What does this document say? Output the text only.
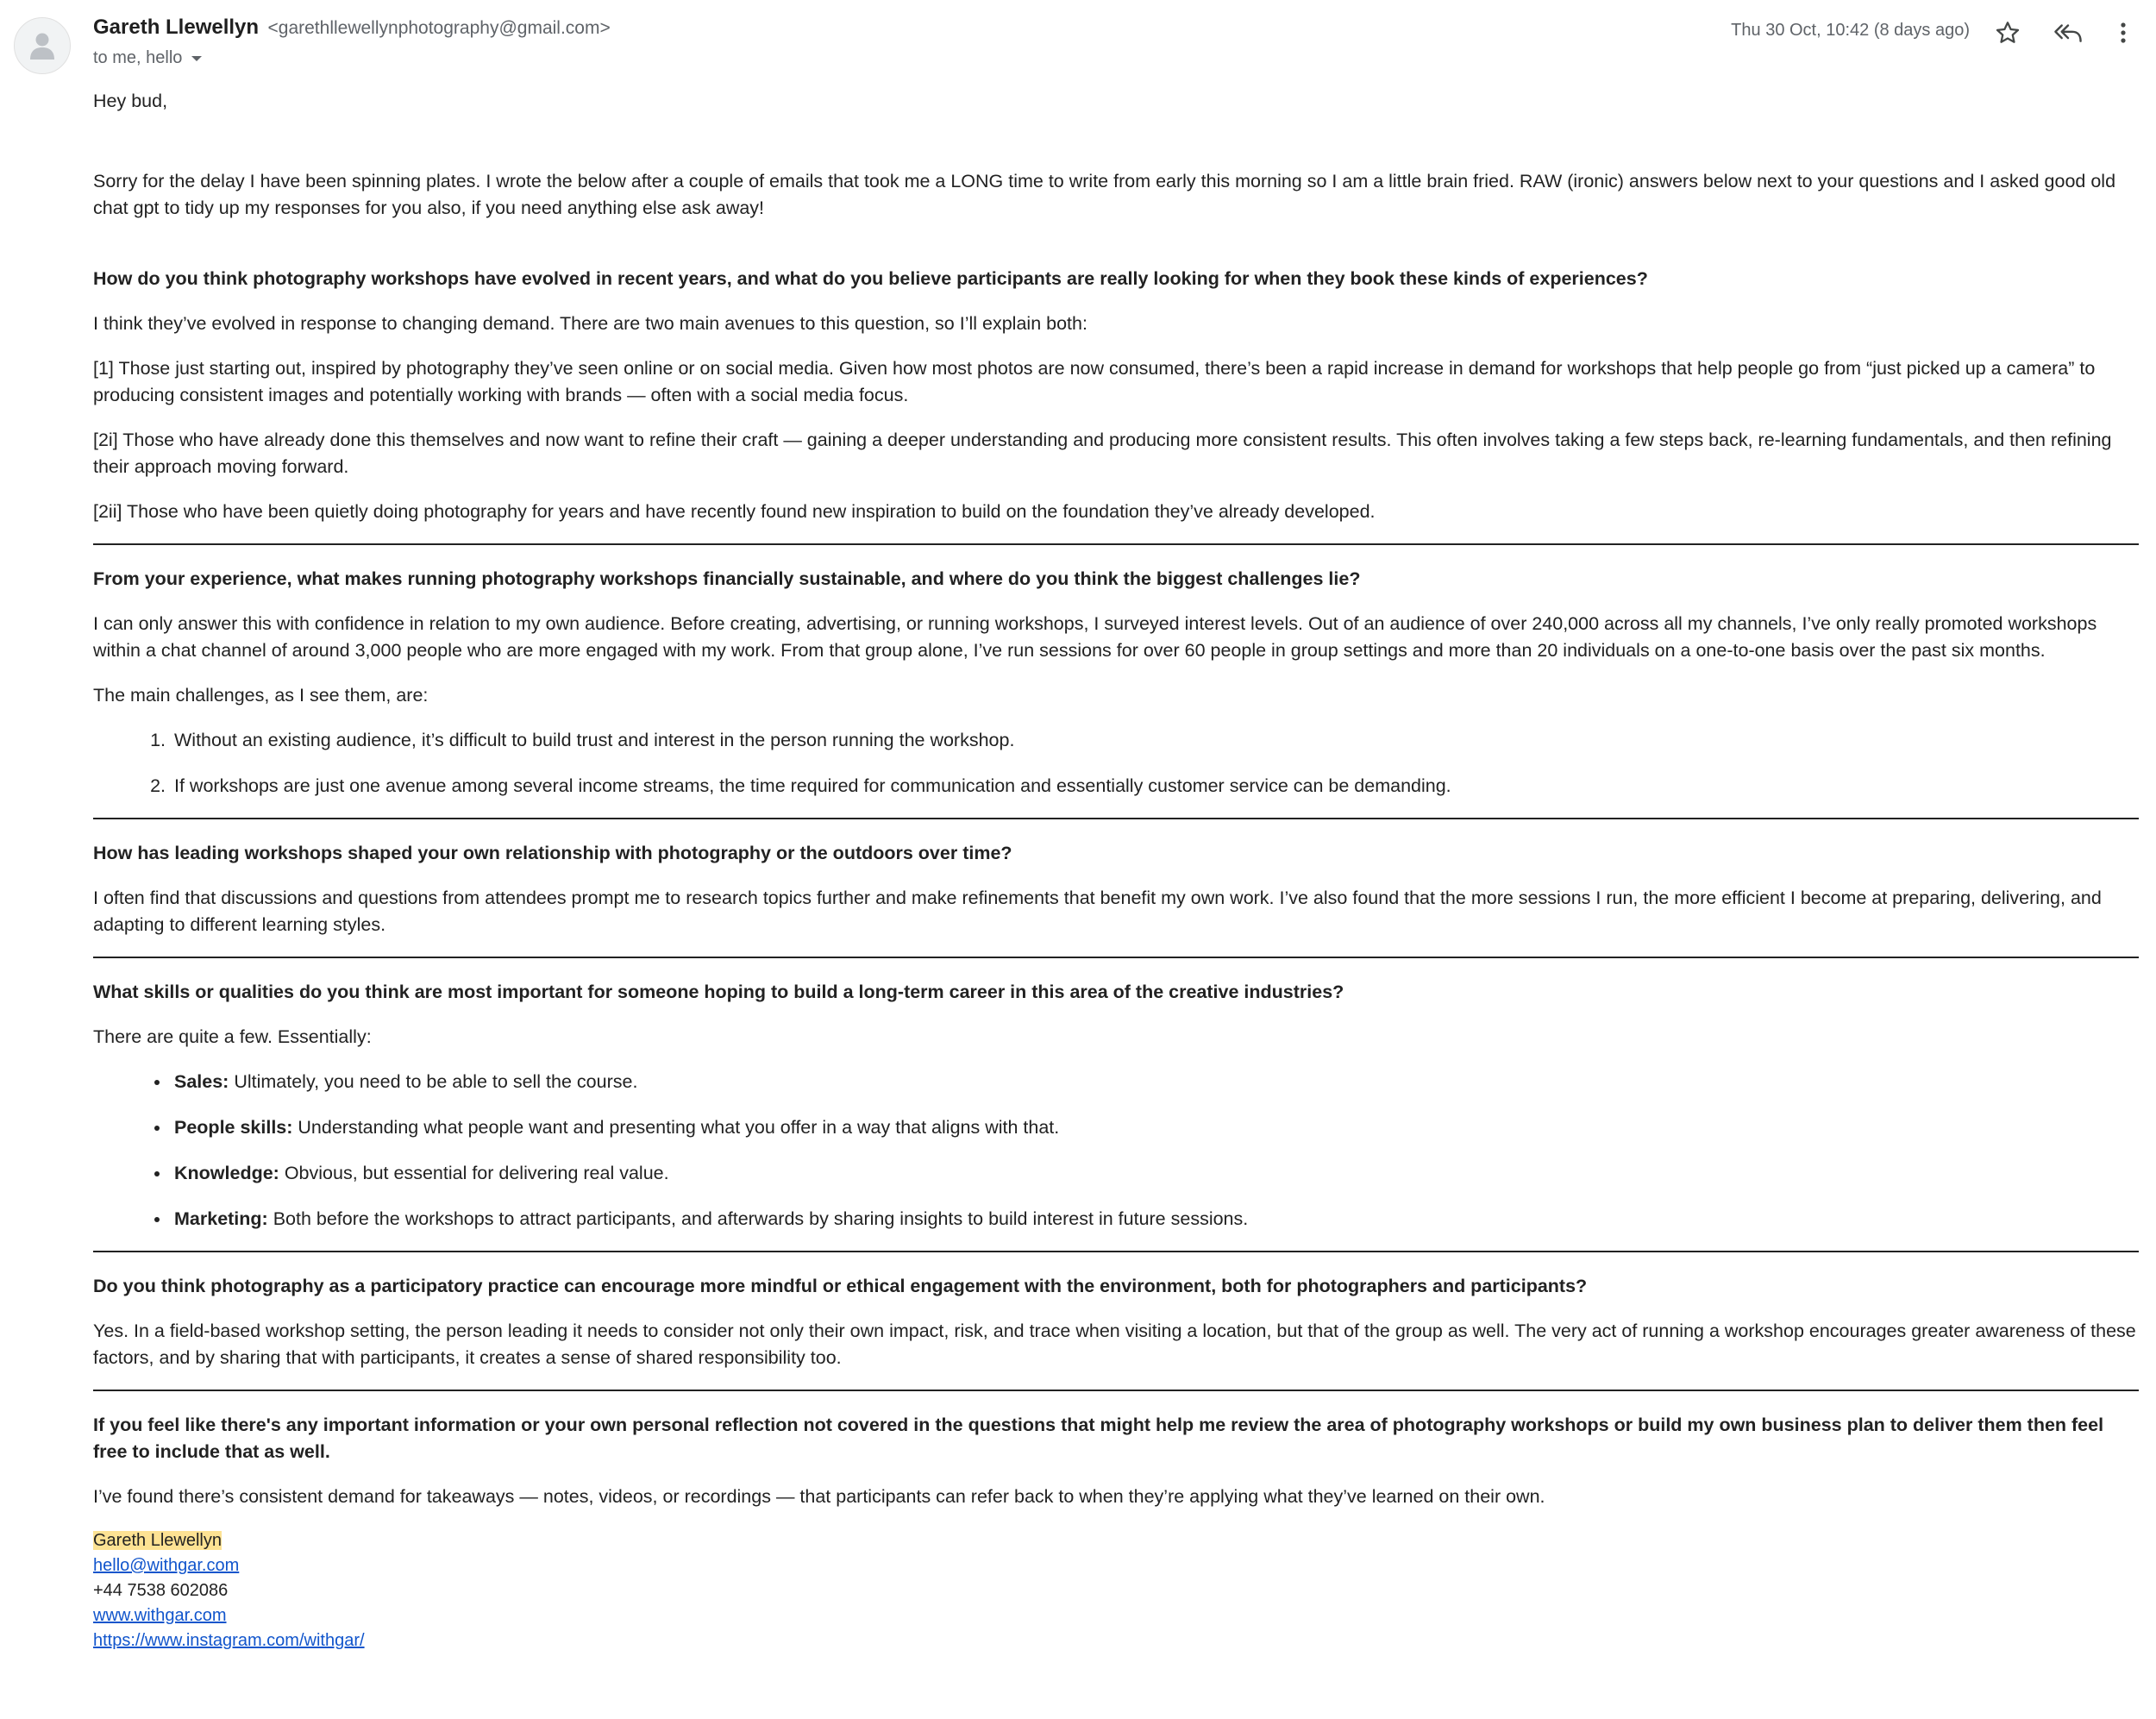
Gareth Llewellyn <garethllewellynphotography@gmail.com>
to me, hello
Thu 30 Oct, 10:42 (8 days ago)

Hey bud,

Sorry for the delay I have been spinning plates. I wrote the below after a couple of emails that took me a LONG time to write from early this morning so I am a little brain fried. RAW (ironic) answers below next to your questions and I asked good old chat gpt to tidy up my responses for you also, if you need anything else ask away!

How do you think photography workshops have evolved in recent years, and what do you believe participants are really looking for when they book these kinds of experiences?

I think they’ve evolved in response to changing demand. There are two main avenues to this question, so I’ll explain both:

[1] Those just starting out, inspired by photography they’ve seen online or on social media. Given how most photos are now consumed, there’s been a rapid increase in demand for workshops that help people go from “just picked up a camera” to producing consistent images and potentially working with brands — often with a social media focus.

[2i] Those who have already done this themselves and now want to refine their craft — gaining a deeper understanding and producing more consistent results. This often involves taking a few steps back, re-learning fundamentals, and then refining their approach moving forward.

[2ii] Those who have been quietly doing photography for years and have recently found new inspiration to build on the foundation they’ve already developed.

From your experience, what makes running photography workshops financially sustainable, and where do you think the biggest challenges lie?

I can only answer this with confidence in relation to my own audience. Before creating, advertising, or running workshops, I surveyed interest levels. Out of an audience of over 240,000 across all my channels, I’ve only really promoted workshops within a chat channel of around 3,000 people who are more engaged with my work. From that group alone, I’ve run sessions for over 60 people in group settings and more than 20 individuals on a one-to-one basis over the past six months.

The main challenges, as I see them, are:

1. Without an existing audience, it’s difficult to build trust and interest in the person running the workshop.
2. If workshops are just one avenue among several income streams, the time required for communication and essentially customer service can be demanding.

How has leading workshops shaped your own relationship with photography or the outdoors over time?

I often find that discussions and questions from attendees prompt me to research topics further and make refinements that benefit my own work. I’ve also found that the more sessions I run, the more efficient I become at preparing, delivering, and adapting to different learning styles.

What skills or qualities do you think are most important for someone hoping to build a long-term career in this area of the creative industries?

There are quite a few. Essentially:

• Sales: Ultimately, you need to be able to sell the course.
• People skills: Understanding what people want and presenting what you offer in a way that aligns with that.
• Knowledge: Obvious, but essential for delivering real value.
• Marketing: Both before the workshops to attract participants, and afterwards by sharing insights to build interest in future sessions.

Do you think photography as a participatory practice can encourage more mindful or ethical engagement with the environment, both for photographers and participants?

Yes. In a field-based workshop setting, the person leading it needs to consider not only their own impact, risk, and trace when visiting a location, but that of the group as well. The very act of running a workshop encourages greater awareness of these factors, and by sharing that with participants, it creates a sense of shared responsibility too.

If you feel like there's any important information or your own personal reflection not covered in the questions that might help me review the area of photography workshops or build my own business plan to deliver them then feel free to include that as well.

I’ve found there’s consistent demand for takeaways — notes, videos, or recordings — that participants can refer back to when they’re applying what they’ve learned on their own.

Gareth Llewellyn
hello@withgar.com
+44 7538 602086
www.withgar.com
https://www.instagram.com/withgar/
